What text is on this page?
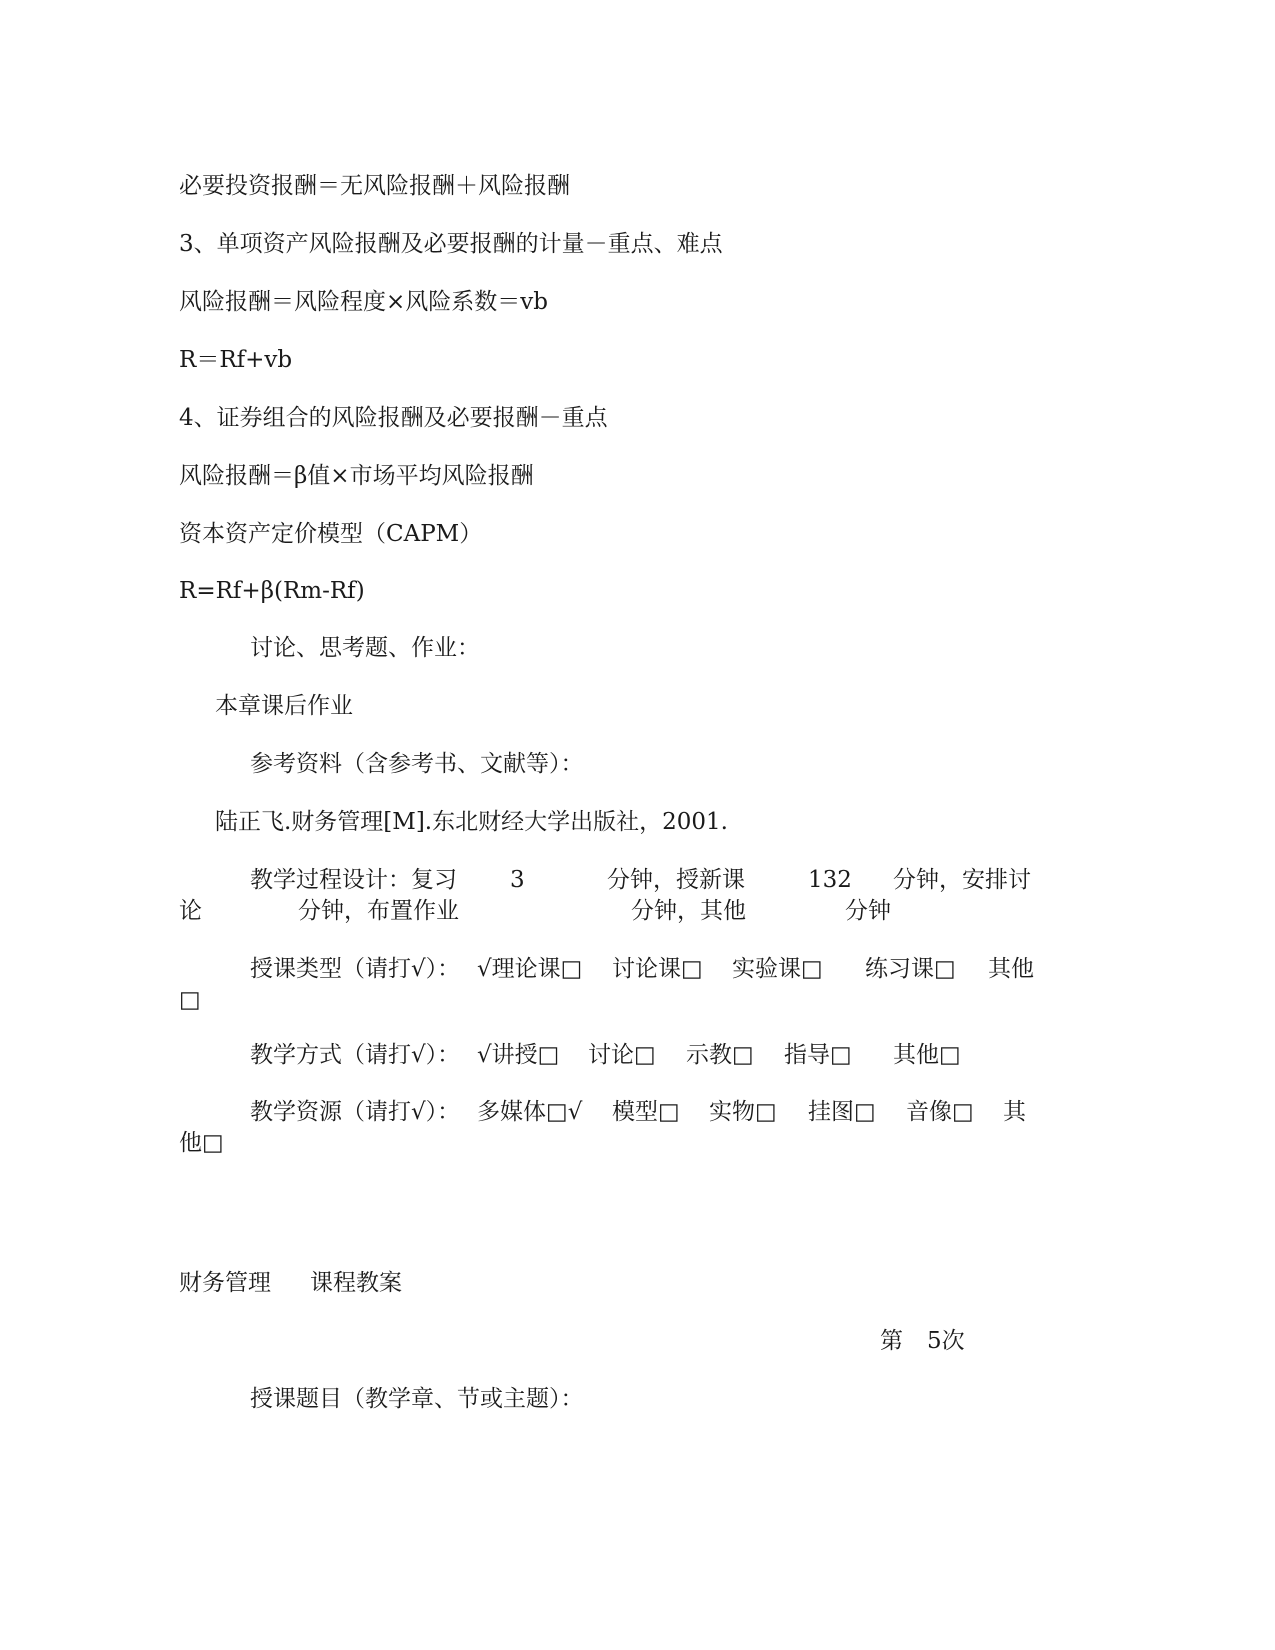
必要投资报酬＝无风险报酬＋风险报酬

3、单项资产风险报酬及必要报酬的计量－重点、难点

风险报酬＝风险程度×风险系数＝vb

R＝Rf+vb

4、证券组合的风险报酬及必要报酬－重点

风险报酬＝β值×市场平均风险报酬

资本资产定价模型（CAPM）

R=Rf+β(Rm-Rf)

讨论、思考题、作业：

本章课后作业

参考资料（含参考书、文献等）：

陆正飞.财务管理[M].东北财经大学出版社，2001.

教学过程设计：复习 3	分钟，授新课	132 分钟，安排讨
论	分钟，布置作业	分钟，其他	分钟
授课类型（请打√）： √理论课□ 讨论课□ 实验课□ 练习课□ 其他
□
教学方式（请打√）： √讲授□ 讨论□ 示教□ 指导□ 其他□
教学资源（请打√）： 多媒体□√ 模型□ 实物□ 挂图□ 音像□ 其
他□
财务管理 课程教案
第 5次
授课题目（教学章、节或主题）：
